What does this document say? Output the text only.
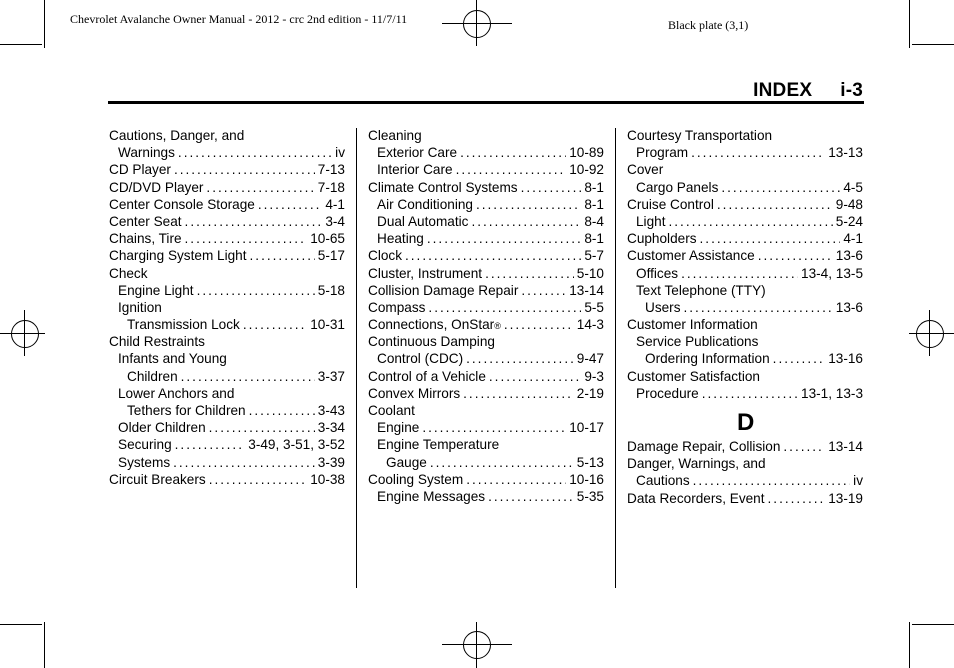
Chevrolet Avalanche Owner Manual - 2012 - crc 2nd edition - 11/7/11	Black plate (3,1)
INDEX i-3
Cautions, Danger, and
Warnings .....	iv
CD Player .....	7-13
CD/DVD Player .....	7-18
Center Console Storage .....	4-1
Center Seat .....	3-4
Chains, Tire .....	10-65
Charging System Light .....	5-17
Check
Engine Light .....	5-18
Ignition
Transmission Lock .....	10-31
Child Restraints
Infants and Young
Children .....	3-37
Lower Anchors and
Tethers for Children .....	3-43
Older Children .....	3-34
Securing .....	3-49, 3-51, 3-52
Systems .....	3-39
Circuit Breakers .....	10-38
Cleaning
Exterior Care .....	10-89
Interior Care .....	10-92
Climate Control Systems .....	8-1
Air Conditioning .....	8-1
Dual Automatic .....	8-4
Heating .....	8-1
Clock .....	5-7
Cluster, Instrument .....	5-10
Collision Damage Repair .....	13-14
Compass .....	5-5
Connections, OnStar ® .....	14-3
Continuous Damping
Control (CDC) .....	9-47
Control of a Vehicle .....	9-3
Convex Mirrors .....	2-19
Coolant
Engine .....	10-17
Engine Temperature
Gauge .....	5-13
Cooling System .....	10-16
Engine Messages .....	5-35
Courtesy Transportation
Program .....	13-13
Cover
Cargo Panels .....	4-5
Cruise Control .....	9-48
Light .....	5-24
Cupholders .....	4-1
Customer Assistance .....	13-6
Offices .....	13-4, 13-5
Text Telephone (TTY)
Users .....	13-6
Customer Information
Service Publications
Ordering Information .....	13-16
Customer Satisfaction
Procedure .....	13-1, 13-3
D
Damage Repair, Collision .....	13-14
Danger, Warnings, and
Cautions .....	iv
Data Recorders, Event .....	13-19
